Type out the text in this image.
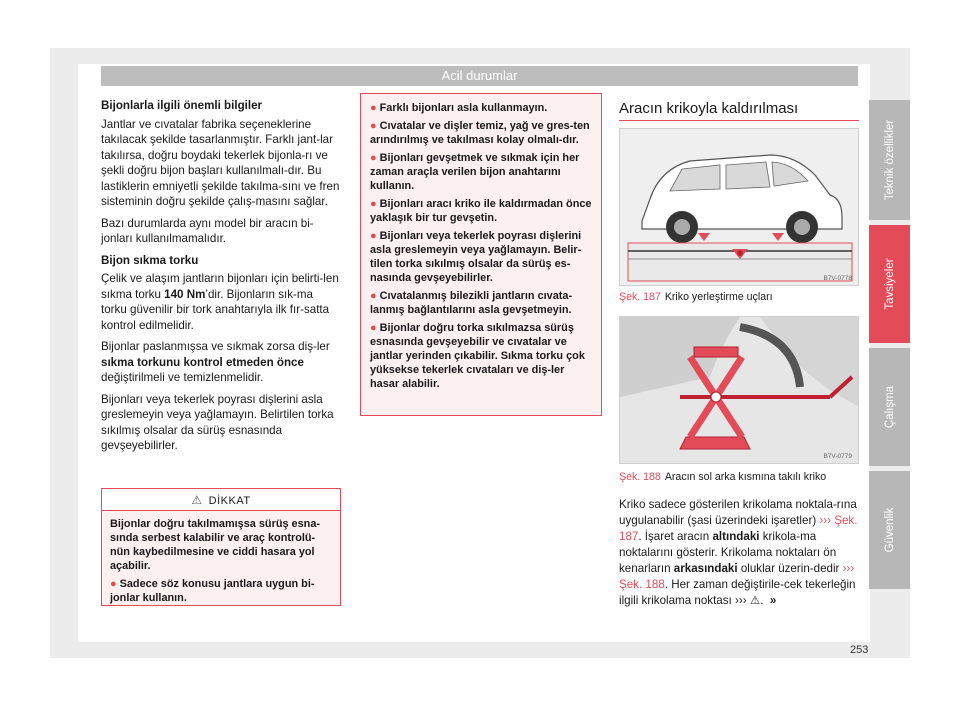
Acil durumlar

Bijonlarla ilgili önemli bilgiler

Jantlar ve cıvatalar fabrika seçeneklerine takılacak şekilde tasarlanmıştır. Farklı jant-lar takılırsa, doğru boydaki tekerlek bijonla-rı ve şekli doğru bijon başları kullanılmalı-dır. Bu lastiklerin emniyetli şekilde takılma-sını ve fren sisteminin doğru şekilde çalış-masını sağlar.

Bazı durumlarda aynı model bir aracın bi-jonları kullanılmamalıdır.

Bijon sıkma torku

Çelik ve alaşım jantların bijonları için belirti-len sıkma torku 140 Nm’dir. Bijonların sık-ma torku güvenilir bir tork anahtarıyla ilk fır-satta kontrol edilmelidir.

Bijonlar paslanmışsa ve sıkmak zorsa diş-ler sıkma torkunu kontrol etmeden önce değiştirilmeli ve temizlenmelidir.

Bijonları veya tekerlek poyrası dişlerini asla greslemeyin veya yağlamayın. Belirtilen torka sıkılmış olsalar da sürüş esnasında gevşeyebilirler.

⚠ DİKKAT

Bijonlar doğru takılmamışsa sürüş esna-sında serbest kalabilir ve araç kontrolü-nün kaybedilmesine ve ciddi hasara yol açabilir.

● Sadece söz konusu jantlara uygun bi-jonlar kullanın.

● Farklı bijonları asla kullanmayın.

● Cıvatalar ve dişler temiz, yağ ve gres-ten arındırılmış ve takılması kolay olmalı-dır.

● Bijonları gevşetmek ve sıkmak için her zaman araçla verilen bijon anahtarını kullanın.

● Bijonları aracı kriko ile kaldırmadan önce yaklaşık bir tur gevşetin.

● Bijonları veya tekerlek poyrası dişlerini asla greslemeyin veya yağlamayın. Belir-tilen torka sıkılmış olsalar da sürüş es-nasında gevşeyebilirler.

● Cıvatalanmış bilezikli jantların cıvata-lanmış bağlantılarını asla gevşetmeyin.

● Bijonlar doğru torka sıkılmazsa sürüş esnasında gevşeyebilir ve cıvatalar ve jantlar yerinden çıkabilir. Sıkma torku çok yüksekse tekerlek cıvataları ve diş-ler hasar alabilir.

Aracın krikoyla kaldırılması
B7V-0778
Şek. 187 Kriko yerleştirme uçları
B7V-0779
Şek. 188 Aracın sol arka kısmına takılı kriko
Kriko sadece gösterilen krikolama noktala-rına uygulanabilir (şasi üzerindeki işaretler) ››› Şek. 187. İşaret aracın altındaki krikola-ma noktalarını gösterir. Krikolama noktaları ön kenarların arkasındaki oluklar üzerin-dedir ››› Şek. 188. Her zaman değiştirile-cek tekerleğin ilgili krikolama noktası ››› ⚠. »
253
Teknik özellikler
Tavsiyeler
Çalışma
Güvenlik
